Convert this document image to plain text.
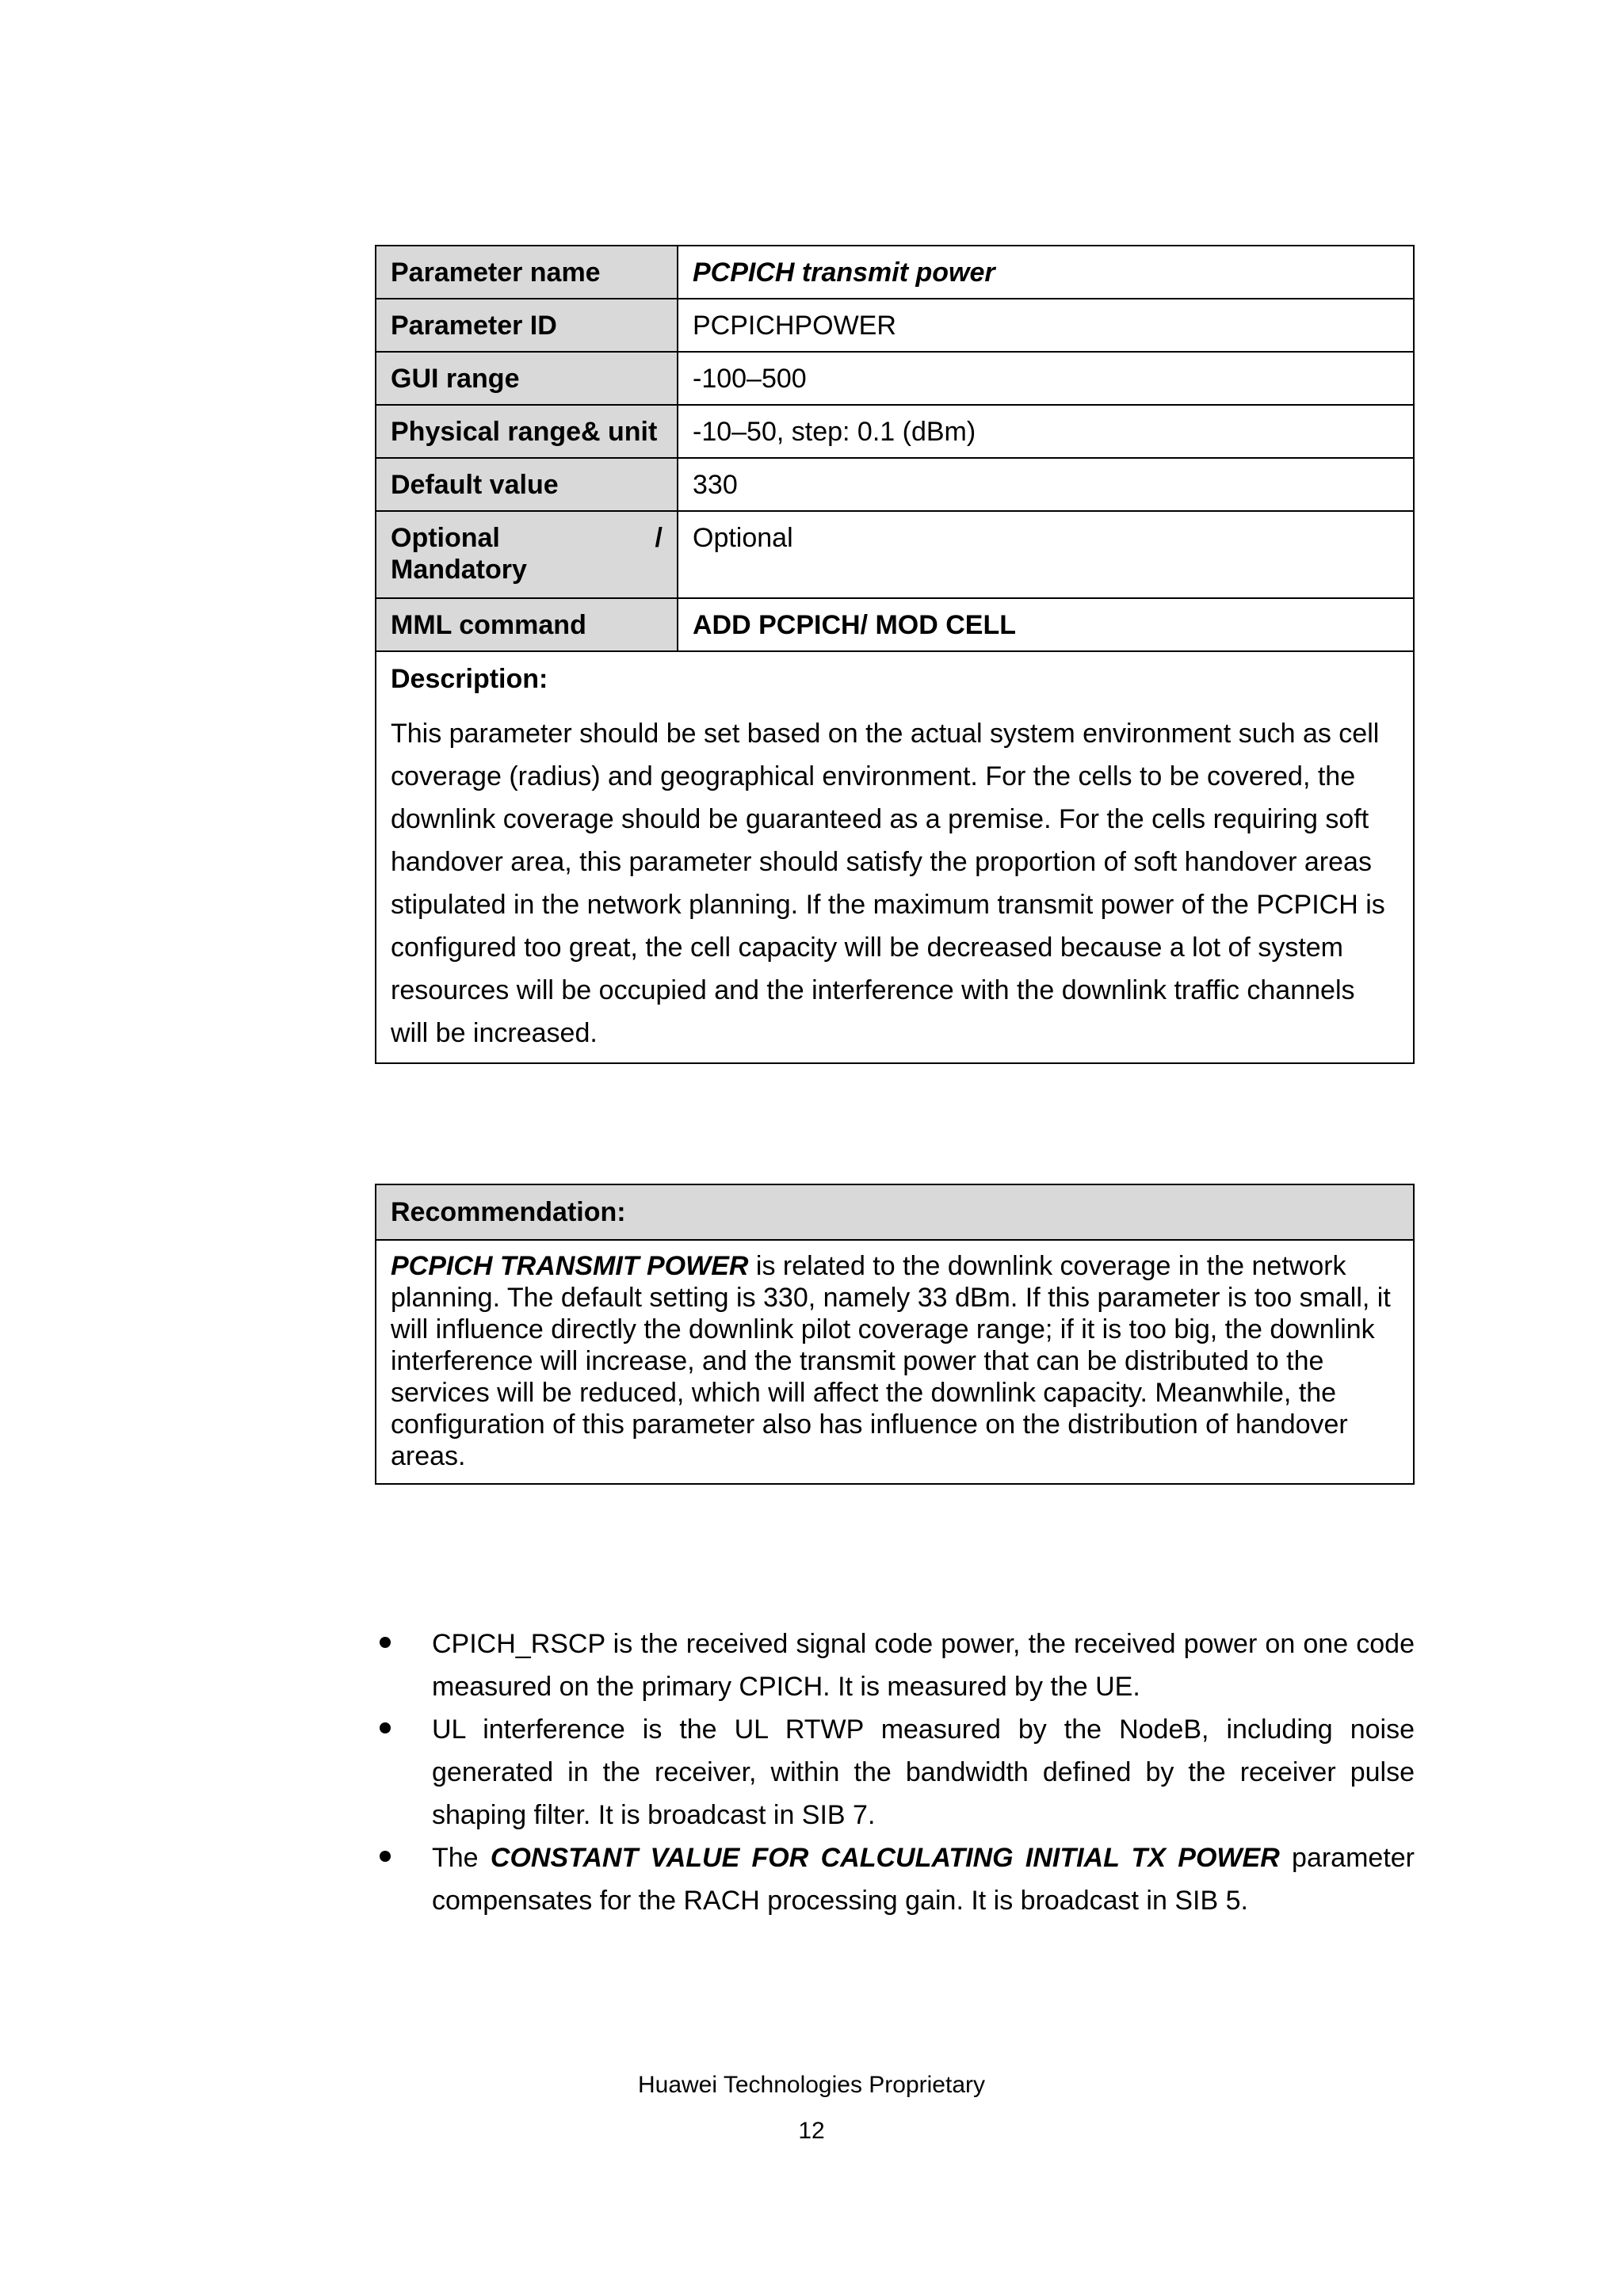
Parameter name	PCPICH transmit power
Parameter ID	PCPICHPOWER
GUI range	-100–500
Physical range& unit	-10–50, step: 0.1 (dBm)
Default value	330

Optional /
Mandatory	Optional
MML command	ADD PCPICH/ MOD CELL

Description:
This parameter should be set based on the actual system environment such as cell coverage (radius) and geographical environment. For the cells to be covered, the downlink coverage should be guaranteed as a premise. For the cells requiring soft handover area, this parameter should satisfy the proportion of soft handover areas stipulated in the network planning. If the maximum transmit power of the PCPICH is configured too great, the cell capacity will be decreased because a lot of system resources will be occupied and the interference with the downlink traffic channels will be increased.	
Recommendation:
PCPICH TRANSMIT POWER is related to the downlink coverage in the network planning. The default setting is 330, namely 33 dBm. If this parameter is too small, it will influence directly the downlink pilot coverage range; if it is too big, the downlink interference will increase, and the transmit power that can be distributed to the services will be reduced, which will affect the downlink capacity. Meanwhile, the configuration of this parameter also has influence on the distribution of handover areas.
CPICH_RSCP is the received signal code power, the received power on one code measured on the primary CPICH. It is measured by the UE.
UL interference is the UL RTWP measured by the NodeB, including noise generated in the receiver, within the bandwidth defined by the receiver pulse shaping filter. It is broadcast in SIB 7.
The CONSTANT VALUE FOR CALCULATING INITIAL TX POWER parameter compensates for the RACH processing gain. It is broadcast in SIB 5.
Huawei Technologies Proprietary
12
